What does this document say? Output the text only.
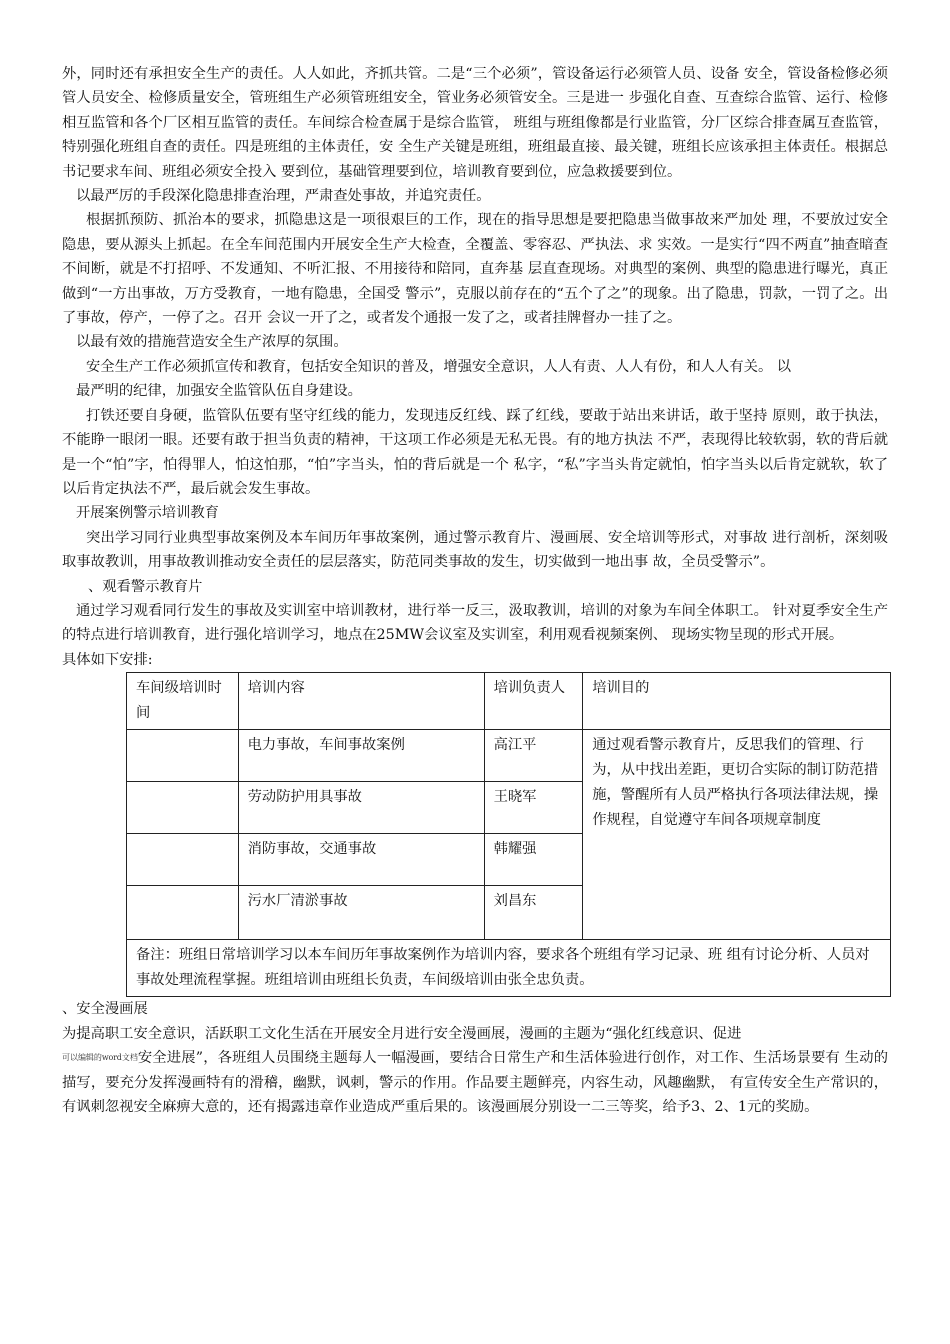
外，同时还有承担安全生产的责任。人人如此，齐抓共管。二是“三个必须”，管设备运行必须管人员、设备 安全，管设备检修必须管人员安全、检修质量安全，管班组生产必须管班组安全，管业务必须管安全。三是进一 步强化自查、互查综合监管、运行、检修相互监管和各个厂区相互监管的责任。车间综合检查属于是综合监管， 班组与班组像都是行业监管，分厂区综合排查属互查监管，特别强化班组自查的责任。四是班组的主体责任，安 全生产关键是班组，班组最直接、最关键，班组长应该承担主体责任。根据总书记要求车间、班组必须安全投入 要到位，基础管理要到位，培训教育要到位，应急救援要到位。

以最严厉的手段深化隐患排查治理，严肃查处事故，并追究责任。

根据抓预防、抓治本的要求，抓隐患这是一项很艰巨的工作，现在的指导思想是要把隐患当做事故来严加处 理，不要放过安全隐患，要从源头上抓起。在全车间范围内开展安全生产大检查，全覆盖、零容忍、严执法、求 实效。一是实行“四不两直”抽查暗查不间断，就是不打招呼、不发通知、不听汇报、不用接待和陪同，直奔基 层直查现场。对典型的案例、典型的隐患进行曝光，真正做到“一方出事故，万方受教育，一地有隐患，全国受 警示”，克服以前存在的“五个了之”的现象。出了隐患，罚款，一罚了之。出了事故，停产，一停了之。召开 会议一开了之，或者发个通报一发了之，或者挂牌督办一挂了之。

以最有效的措施营造安全生产浓厚的氛围。

安全生产工作必须抓宣传和教育，包括安全知识的普及，增强安全意识，人人有责、人人有份，和人人有关。 以
最严明的纪律，加强安全监管队伍自身建设。

打铁还要自身硬，监管队伍要有坚守红线的能力，发现违反红线、踩了红线，要敢于站出来讲话，敢于坚持 原则，敢于执法，不能睁一眼闭一眼。还要有敢于担当负责的精神，干这项工作必须是无私无畏。有的地方执法 不严，表现得比较软弱，软的背后就是一个“怕”字，怕得罪人，怕这怕那，“怕”字当头，怕的背后就是一个 私字，“私”字当头肯定就怕，怕字当头以后肯定就软，软了以后肯定执法不严，最后就会发生事故。

开展案例警示培训教育

突出学习同行业典型事故案例及本车间历年事故案例，通过警示教育片、漫画展、安全培训等形式，对事故 进行剖析，深刻吸取事故教训，用事故教训推动安全责任的层层落实，防范同类事故的发生，切实做到一地出事 故，全员受警示”。

、观看警示教育片

通过学习观看同行发生的事故及实训室中培训教材，进行举一反三，汲取教训，培训的对象为车间全体职工。 针对夏季安全生产的特点进行培训教育，进行强化培训学习，地点在25MW会议室及实训室，利用观看视频案例、 现场实物呈现的形式开展。

具体如下安排:

车间级培训时间	培训内容	培训负责人	培训目的
	电力事故，车间事故案例	高江平	通过观看警示教育片，反思我们的管理、行为，从中找出差距，更切合实际的制订防范措施，警醒所有人员严格执行各项法律法规，操作规程，自觉遵守车间各项规章制度
	劳动防护用具事故	王晓军	
	消防事故，交通事故	韩耀强	
	污水厂清淤事故	刘昌东	
备注：班组日常培训学习以本车间历年事故案例作为培训内容，要求各个班组有学习记录、班 组有讨论分析、人员对事故处理流程掌握。班组培训由班组长负责，车间级培训由张全忠负责。			

、安全漫画展

为提高职工安全意识，活跃职工文化生活在开展安全月进行安全漫画展，漫画的主题为“强化红线意识、促进
可以编辑的word文档安全进展”，各班组人员围绕主题每人一幅漫画，要结合日常生产和生活体验进行创作，对工作、生活场景要有 生动的描写，要充分发挥漫画特有的滑稽，幽默，讽刺，警示的作用。作品要主题鲜亮，内容生动，风趣幽默， 有宣传安全生产常识的，有讽刺忽视安全麻痹大意的，还有揭露违章作业造成严重后果的。该漫画展分别设一二三等奖，给予3、2、1元的奖励。
